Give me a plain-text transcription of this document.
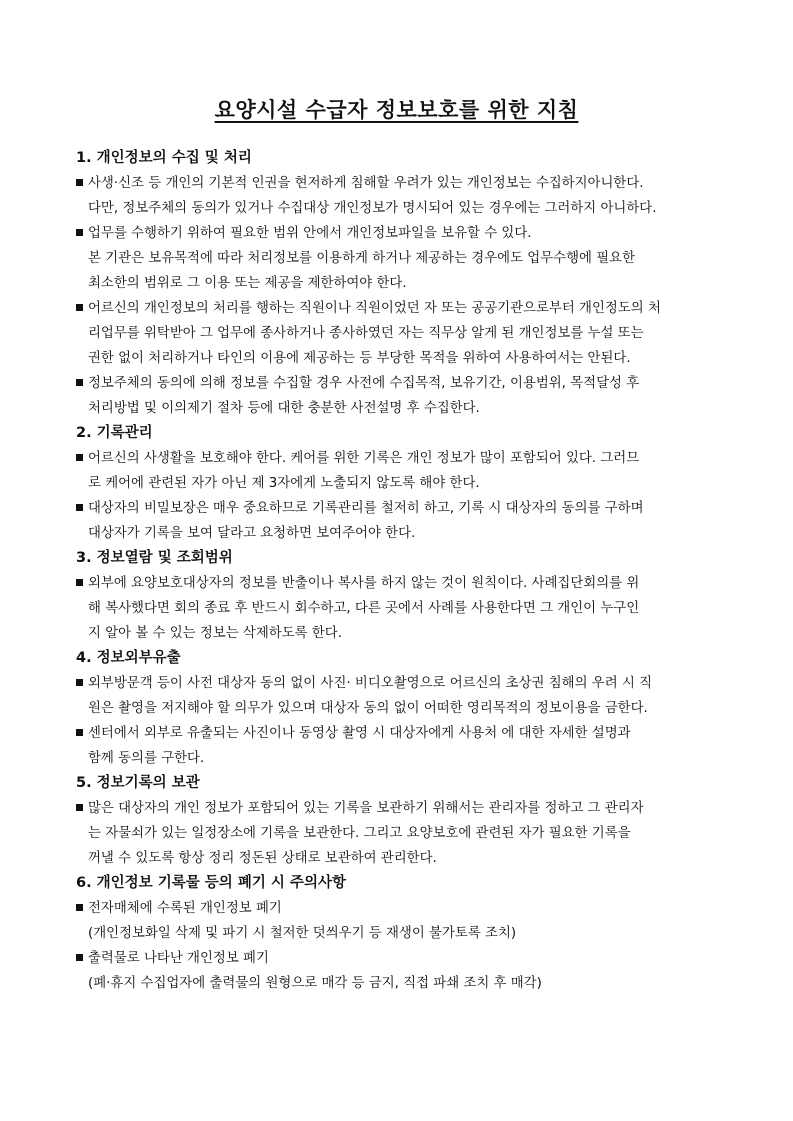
요양시설 수급자 정보보호를 위한 지침
1. 개인정보의 수집 및 처리
사생·신조 등 개인의 기본적 인권을 현저하게 침해할 우려가 있는 개인정보는 수집하지아니한다.
다만, 정보주체의 동의가 있거나 수집대상 개인정보가 명시되어 있는 경우에는 그러하지 아니하다.
업무를 수행하기 위하여 필요한 범위 안에서 개인정보파일을 보유할 수 있다.
본 기관은 보유목적에 따라 처리정보를 이용하게 하거나 제공하는 경우에도 업무수행에 필요한
최소한의 범위로 그 이용 또는 제공을 제한하여야 한다.
어르신의 개인정보의 처리를 행하는 직원이나 직원이었던 자 또는 공공기관으로부터 개인정도의 처
리업무를 위탁받아 그 업무에 종사하거나 종사하였던 자는 직무상 알게 된 개인정보를 누설 또는
권한 없이 처리하거나 타인의 이용에 제공하는 등 부당한 목적을 위하여 사용하여서는 안된다.
정보주체의 동의에 의해 정보를 수집할 경우 사전에 수집목적, 보유기간, 이용범위, 목적달성 후
처리방법 및 이의제기 절차 등에 대한 충분한 사전설명 후 수집한다.
2. 기록관리
어르신의 사생활을 보호해야 한다. 케어를 위한 기록은 개인 정보가 많이 포함되어 있다. 그러므
로 케어에 관련된 자가 아닌 제 3자에게 노출되지 않도록 해야 한다.
대상자의 비밀보장은 매우 중요하므로 기록관리를 철저히 하고, 기록 시 대상자의 동의를 구하며
대상자가 기록을 보여 달라고 요청하면 보여주어야 한다.
3. 정보열람 및 조회범위
외부에 요양보호대상자의 정보를 반출이나 복사를 하지 않는 것이 원칙이다. 사례집단회의를 위
해 복사했다면 회의 종료 후 반드시 회수하고, 다른 곳에서 사례를 사용한다면 그 개인이 누구인
지 알아 볼 수 있는 정보는 삭제하도록 한다.
4. 정보외부유출
외부방문객 등이 사전 대상자 동의 없이 사진· 비디오촬영으로 어르신의 초상권 침해의 우려 시 직
원은 촬영을 저지해야 할 의무가 있으며 대상자 동의 없이 어떠한 영리목적의 정보이용을 금한다.
센터에서 외부로 유출되는 사진이나 동영상 촬영 시 대상자에게 사용처 에 대한 자세한 설명과
함께 동의를 구한다.
5. 정보기록의 보관
많은 대상자의 개인 정보가 포함되어 있는 기록을 보관하기 위해서는 관리자를 정하고 그 관리자
는 자물쇠가 있는 일정장소에 기록을 보관한다. 그리고 요양보호에 관련된 자가 필요한 기록을
꺼낼 수 있도록 항상 정리 정돈된 상태로 보관하여 관리한다.
6. 개인정보 기록물 등의 폐기 시 주의사항
전자매체에 수록된 개인정보 폐기
(개인정보화일 삭제 및 파기 시 철저한 덧씌우기 등 재생이 불가토록 조치)
출력물로 나타난 개인정보 폐기
(폐·휴지 수집업자에 출력물의 원형으로 매각 등 금지, 직접 파쇄 조치 후 매각)
